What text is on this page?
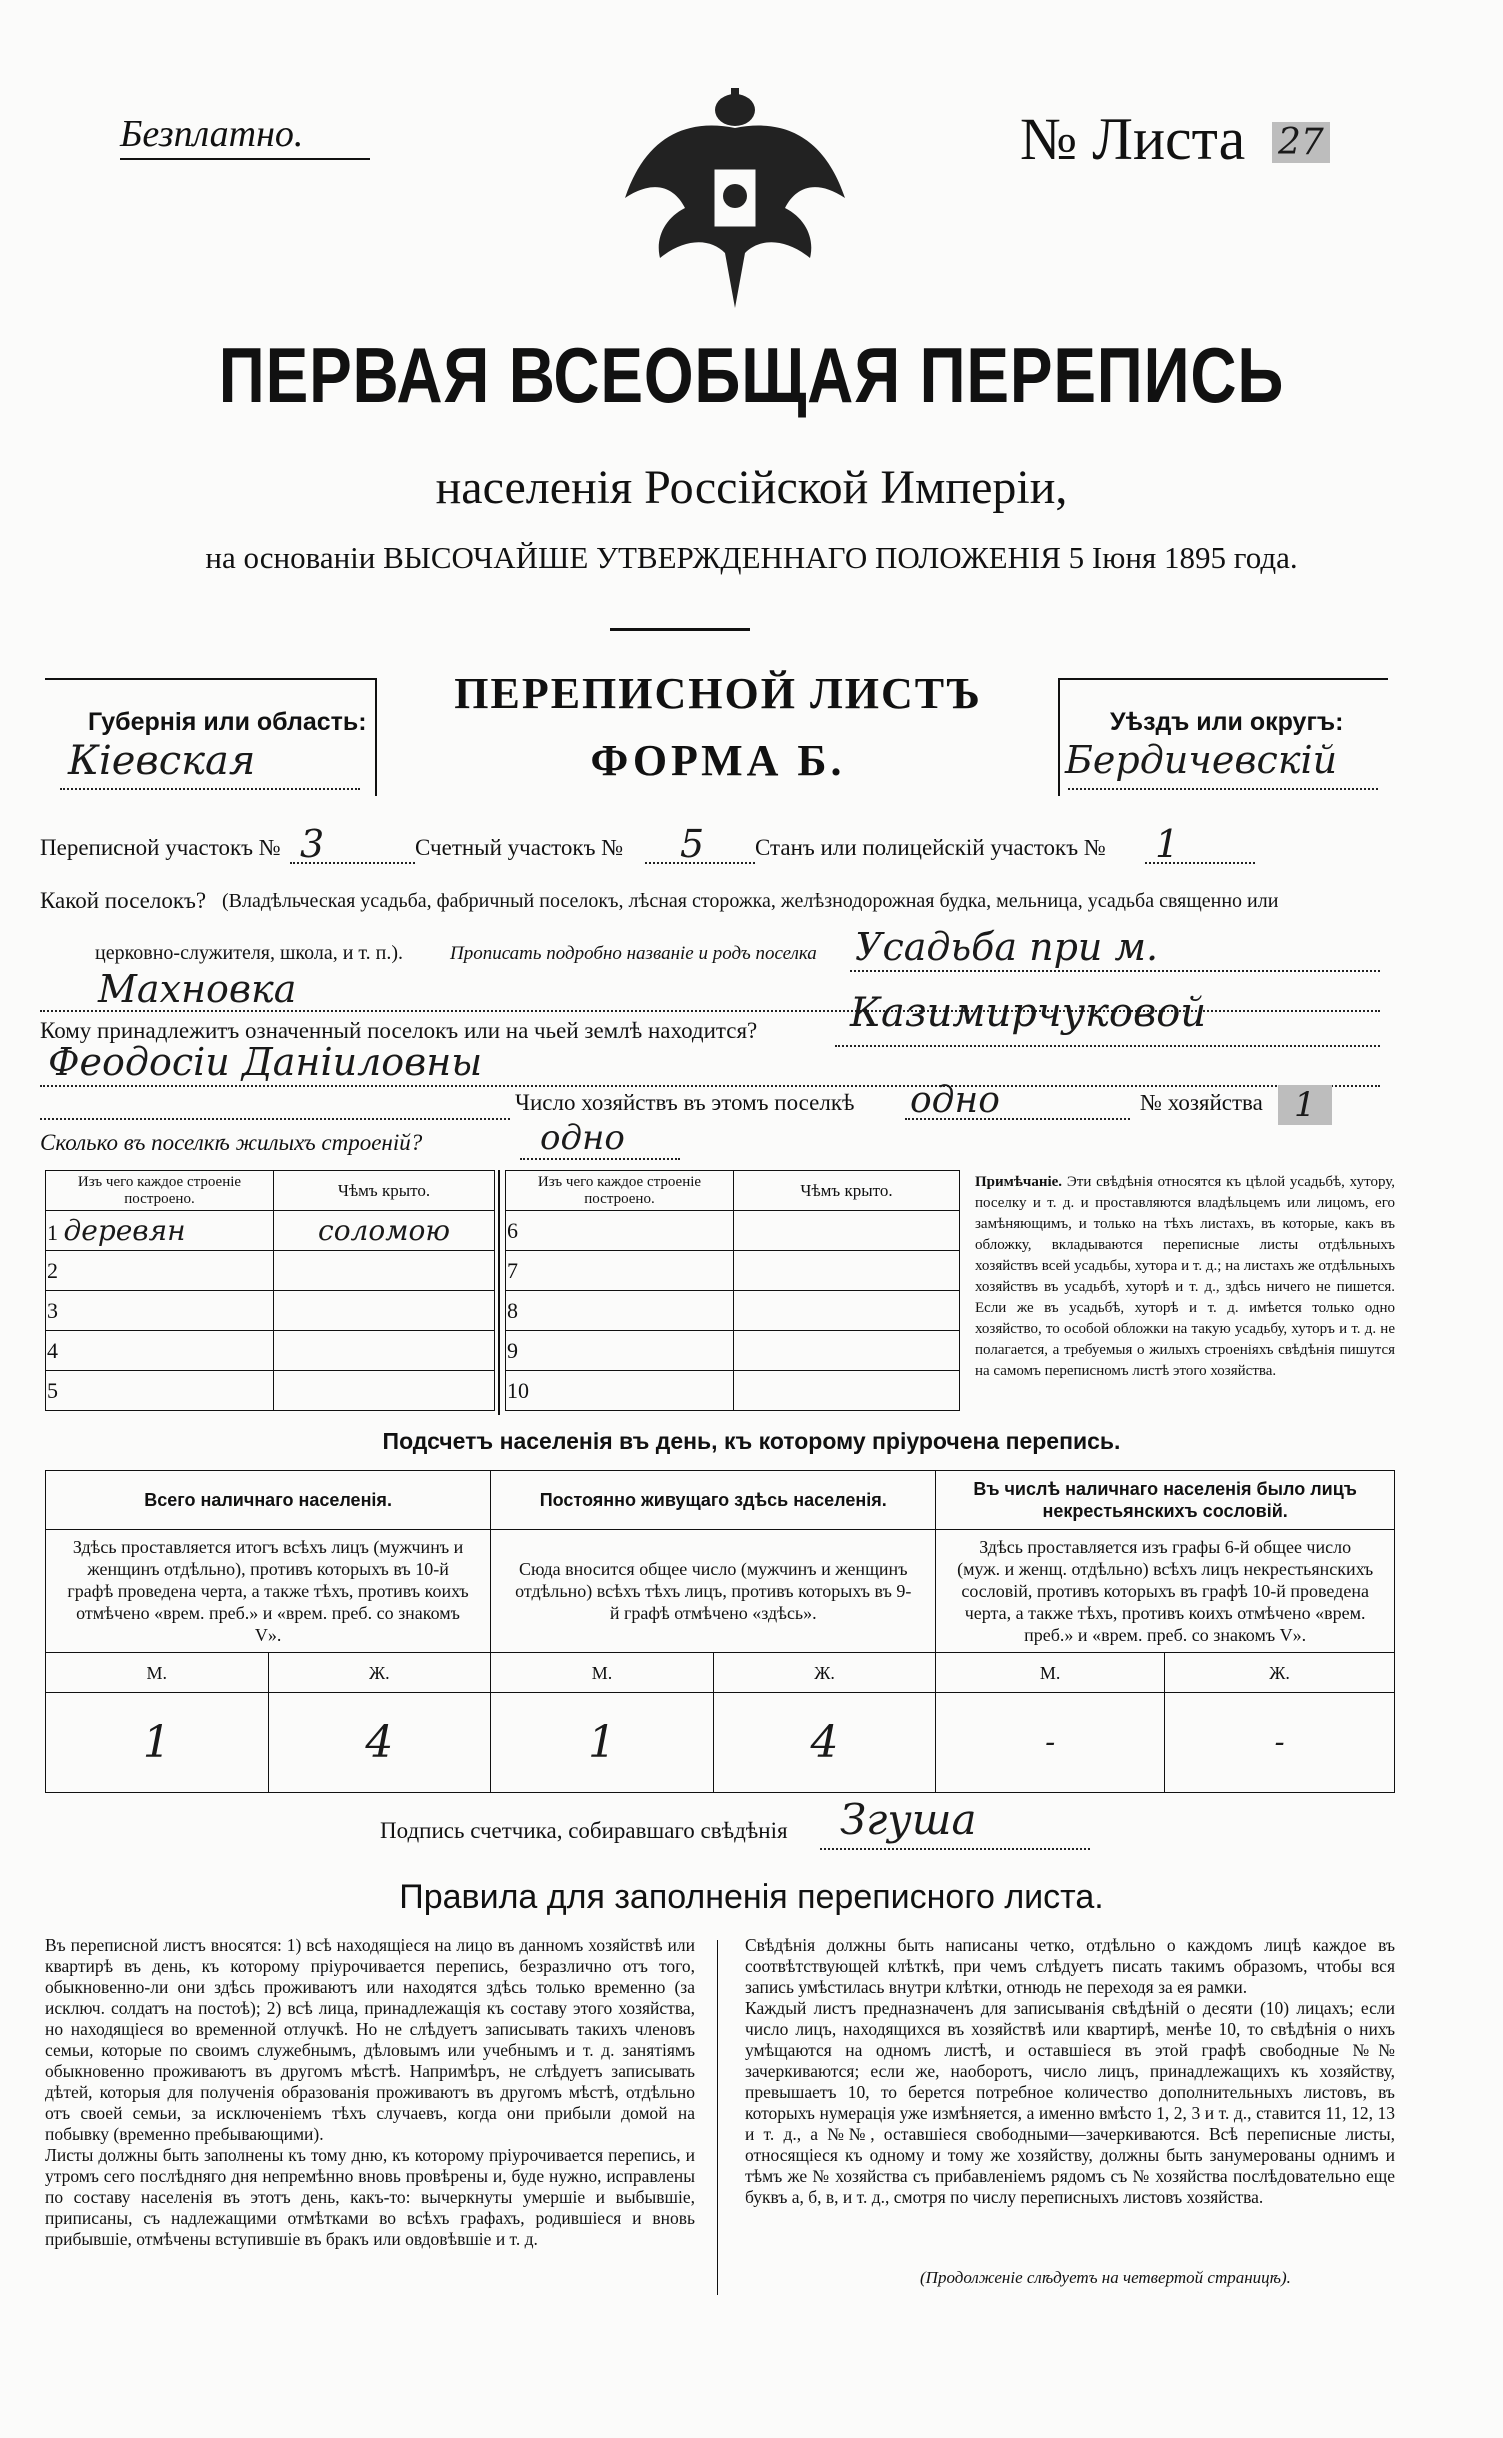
Безплатно.	№ Листа 27
ПЕРВАЯ ВСЕОБЩАЯ ПЕРЕПИСЬ
населенія Россійской Имперіи,
на основаніи ВЫСОЧАЙШЕ УТВЕРЖДЕННАГО ПОЛОЖЕНІЯ 5 Іюня 1895 года.
Губернія или область:
Кіевская
ПЕРЕПИСНОЙ ЛИСТЪ
ФОРМА Б.
Уѣздъ или округъ:
Бердичевскій
Переписной участокъ № 3	Счетный участокъ № 5 Станъ или полицейскій участокъ № 1
Какой поселокъ? (Владѣльческая усадьба, фабричный поселокъ, лѣсная сторожка, желѣзнодорожная будка, мельница, усадьба священно или
церковно-служителя, школа, и т. п.). Прописать подробно названіе и родъ поселка Усадьба при м.
Махновка
Кому принадлежитъ означенный поселокъ или на чьей землѣ находится? Казимирчуковой
Феодосіи Даніиловны
Число хозяйствъ въ этомъ поселкѣ одно	№ хозяйства 1
Сколько въ поселкѣ жилыхъ строеній?	одно
Изъ чего каждое строеніе построено.	Чѣмъ крыто.
1 деревян	соломою
2	
3	
4	
5	
Изъ чего каждое строеніе построено.	Чѣмъ крыто.
6	
7	
8	
9	
10	
Примѣчаніе. Эти свѣдѣнія относятся къ цѣлой усадьбѣ, хутору, поселку и т. д. и проставляются владѣльцемъ или лицомъ, его замѣняющимъ, и только на тѣхъ листахъ, въ которые, какъ въ обложку, вкладываются переписные листы отдѣльныхъ хозяйствъ всей усадьбы, хутора и т. д.; на листахъ же отдѣльныхъ хозяйствъ въ усадьбѣ, хуторѣ и т. д., здѣсь ничего не пишется. Если же въ усадьбѣ, хуторѣ и т. д. имѣется только одно хозяйство, то особой обложки на такую усадьбу, хуторъ и т. д. не полагается, а требуемыя о жилыхъ строеніяхъ свѣдѣнія пишутся на самомъ переписномъ листѣ этого хозяйства.
Подсчетъ населенія въ день, къ которому пріурочена перепись.
Всего наличнаго населенія.		Постоянно живущаго здѣсь населенія.		Въ числѣ наличнаго населенія было лицъ некрестьянскихъ сословій.	
Здѣсь проставляется итогъ всѣхъ лицъ (мужчинъ и женщинъ отдѣльно), противъ которыхъ въ 10-й графѣ проведена черта, а также тѣхъ, противъ коихъ отмѣчено «врем. преб.» и «врем. преб. со знакомъ V».		Сюда вносится общее число (мужчинъ и женщинъ отдѣльно) всѣхъ тѣхъ лицъ, противъ которыхъ въ 9-й графѣ отмѣчено «здѣсь».		Здѣсь проставляется изъ графы 6-й общее число (муж. и женщ. отдѣльно) всѣхъ лицъ некрестьянскихъ сословій, противъ которыхъ въ графѣ 10-й проведена черта, а также тѣхъ, противъ коихъ отмѣчено «врем. преб.» и «врем. преб. со знакомъ V».	
М.	Ж.	М.	Ж.	М.	Ж.
1	4	1	4	-	-
Подпись счетчика, собиравшаго свѣдѣнія Згуша
Правила для заполненія переписного листа.
Въ переписной листъ вносятся: 1) всѣ находящіеся на лицо въ данномъ хозяйствѣ или квартирѣ въ день, къ которому пріурочивается перепись, безразлично отъ того, обыкновенно-ли они здѣсь проживаютъ или находятся здѣсь только временно (за исключ. солдатъ на постоѣ); 2) всѣ лица, принадлежащія къ составу этого хозяйства, но находящіеся во временной отлучкѣ. Но не слѣдуетъ записывать такихъ членовъ семьи, которые по своимъ служебнымъ, дѣловымъ или учебнымъ и т. д. занятіямъ обыкновенно проживаютъ въ другомъ мѣстѣ. Напримѣръ, не слѣдуетъ записывать дѣтей, которыя для полученія образованія проживаютъ въ другомъ мѣстѣ, отдѣльно отъ своей семьи, за исключеніемъ тѣхъ случаевъ, когда они прибыли домой на побывку (временно пребывающими).
Листы должны быть заполнены къ тому дню, къ которому пріурочивается перепись, и утромъ сего послѣдняго дня непремѣнно вновь провѣрены и, буде нужно, исправлены по составу населенія въ этотъ день, какъ-то: вычеркнуты умершіе и выбывшіе, приписаны, съ надлежащими отмѣтками во всѣхъ графахъ, родившіеся и вновь прибывшіе, отмѣчены вступившіе въ бракъ или овдовѣвшіе и т. д.
Свѣдѣнія должны быть написаны четко, отдѣльно о каждомъ лицѣ каждое въ соотвѣтствующей клѣткѣ, при чемъ слѣдуетъ писать такимъ образомъ, чтобы вся запись умѣстилась внутри клѣтки, отнюдь не переходя за ея рамки.
Каждый листъ предназначенъ для записыванія свѣдѣній о десяти (10) лицахъ; если число лицъ, находящихся въ хозяйствѣ или квартирѣ, менѣе 10, то свѣдѣнія о нихъ умѣщаются на одномъ листѣ, и оставшіеся въ этой графѣ свободные №№ зачеркиваются; если же, наоборотъ, число лицъ, принадлежащихъ къ хозяйству, превышаетъ 10, то берется потребное количество дополнительныхъ листовъ, въ которыхъ нумерація уже измѣняется, а именно вмѣсто 1, 2, 3 и т. д., ставится 11, 12, 13 и т. д., а №№, оставшіеся свободными—зачеркиваются. Всѣ переписные листы, относящіеся къ одному и тому же хозяйству, должны быть занумерованы однимъ и тѣмъ же № хозяйства съ прибавленіемъ рядомъ съ № хозяйства послѣдовательно еще буквъ а, б, в, и т. д., смотря по числу переписныхъ листовъ хозяйства.
(Продолженіе слѣдуетъ на четвертой страницѣ).
